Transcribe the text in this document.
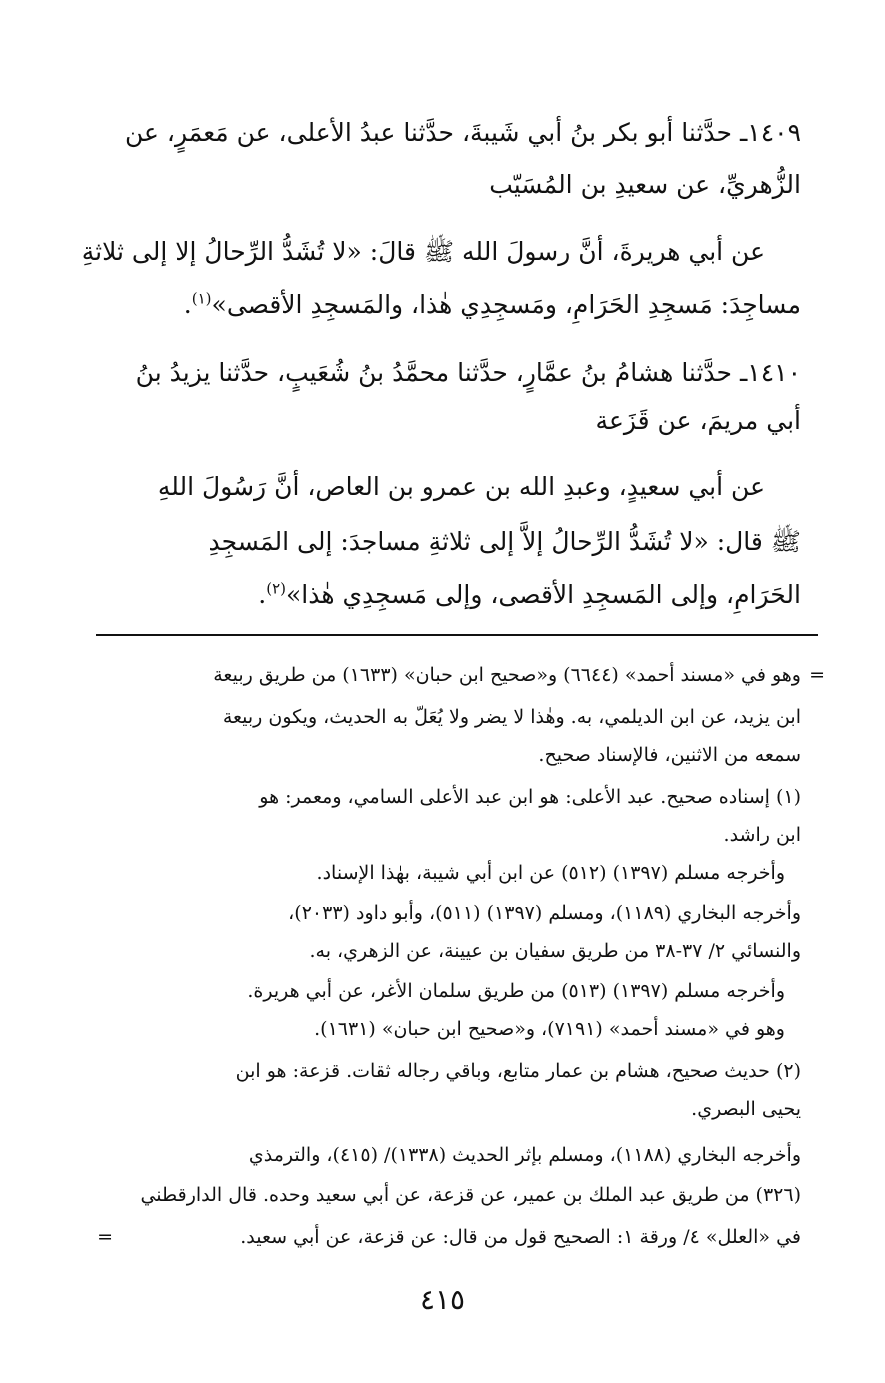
١٤٠٩ـ حدَّثنا أبو بكر بنُ أبي شَيبةَ، حدَّثنا عبدُ الأعلى، عن مَعمَرٍ، عن
الزُّهريِّ، عن سعيدِ بن المُسَيّب
عن أبي هريرةَ، أنَّ رسولَ الله ﷺ قالَ: «لا تُشَدُّ الرِّحالُ إلا إلى ثلاثةِ
مساجِدَ: مَسجِدِ الحَرَامِ، ومَسجِدِي هٰذا، والمَسجِدِ الأقصى»$^{(١)}$.
١٤١٠ـ حدَّثنا هشامُ بنُ عمَّارٍ، حدَّثنا محمَّدُ بنُ شُعَيبٍ، حدَّثنا يزيدُ بنُ
أبي مريمَ، عن قَزَعة
عن أبي سعيدٍ، وعبدِ الله بن عمرو بن العاص، أنَّ رَسُولَ اللهِ
ﷺ قال: «لا تُشَدُّ الرِّحالُ إلاَّ إلى ثلاثةِ مساجدَ: إلى المَسجِدِ
الحَرَامِ، وإلى المَسجِدِ الأقصى، وإلى مَسجِدِي هٰذا»$^{(٢)}$.
=
وهو في «مسند أحمد» (٦٦٤٤) و«صحيح ابن حبان» (١٦٣٣) من طريق ربيعة
ابن يزيد، عن ابن الديلمي، به. وهٰذا لا يضر ولا يُعَلّ به الحديث، ويكون ربيعة
سمعه من الاثنين، فالإسناد صحيح.
(١) إسناده صحيح. عبد الأعلى: هو ابن عبد الأعلى السامي، ومعمر: هو
ابن راشد.
وأخرجه مسلم (١٣٩٧) (٥١٢) عن ابن أبي شيبة، بهٰذا الإسناد.
وأخرجه البخاري (١١٨٩)، ومسلم (١٣٩٧) (٥١١)، وأبو داود (٢٠٣٣)،
والنسائي ٢/ ٣٧-٣٨ من طريق سفيان بن عيينة، عن الزهري، به.
وأخرجه مسلم (١٣٩٧) (٥١٣) من طريق سلمان الأغر، عن أبي هريرة.
وهو في «مسند أحمد» (٧١٩١)، و«صحيح ابن حبان» (١٦٣١).
(٢) حديث صحيح، هشام بن عمار متابع، وباقي رجاله ثقات. قزعة: هو ابن
يحيى البصري.
وأخرجه البخاري (١١٨٨)، ومسلم بإثر الحديث (١٣٣٨)/ (٤١٥)، والترمذي
(٣٢٦) من طريق عبد الملك بن عمير، عن قزعة، عن أبي سعيد وحده. قال الدارقطني
في «العلل» ٤/ ورقة ١: الصحيح قول من قال: عن قزعة، عن أبي سعيد.
=
٤١٥
